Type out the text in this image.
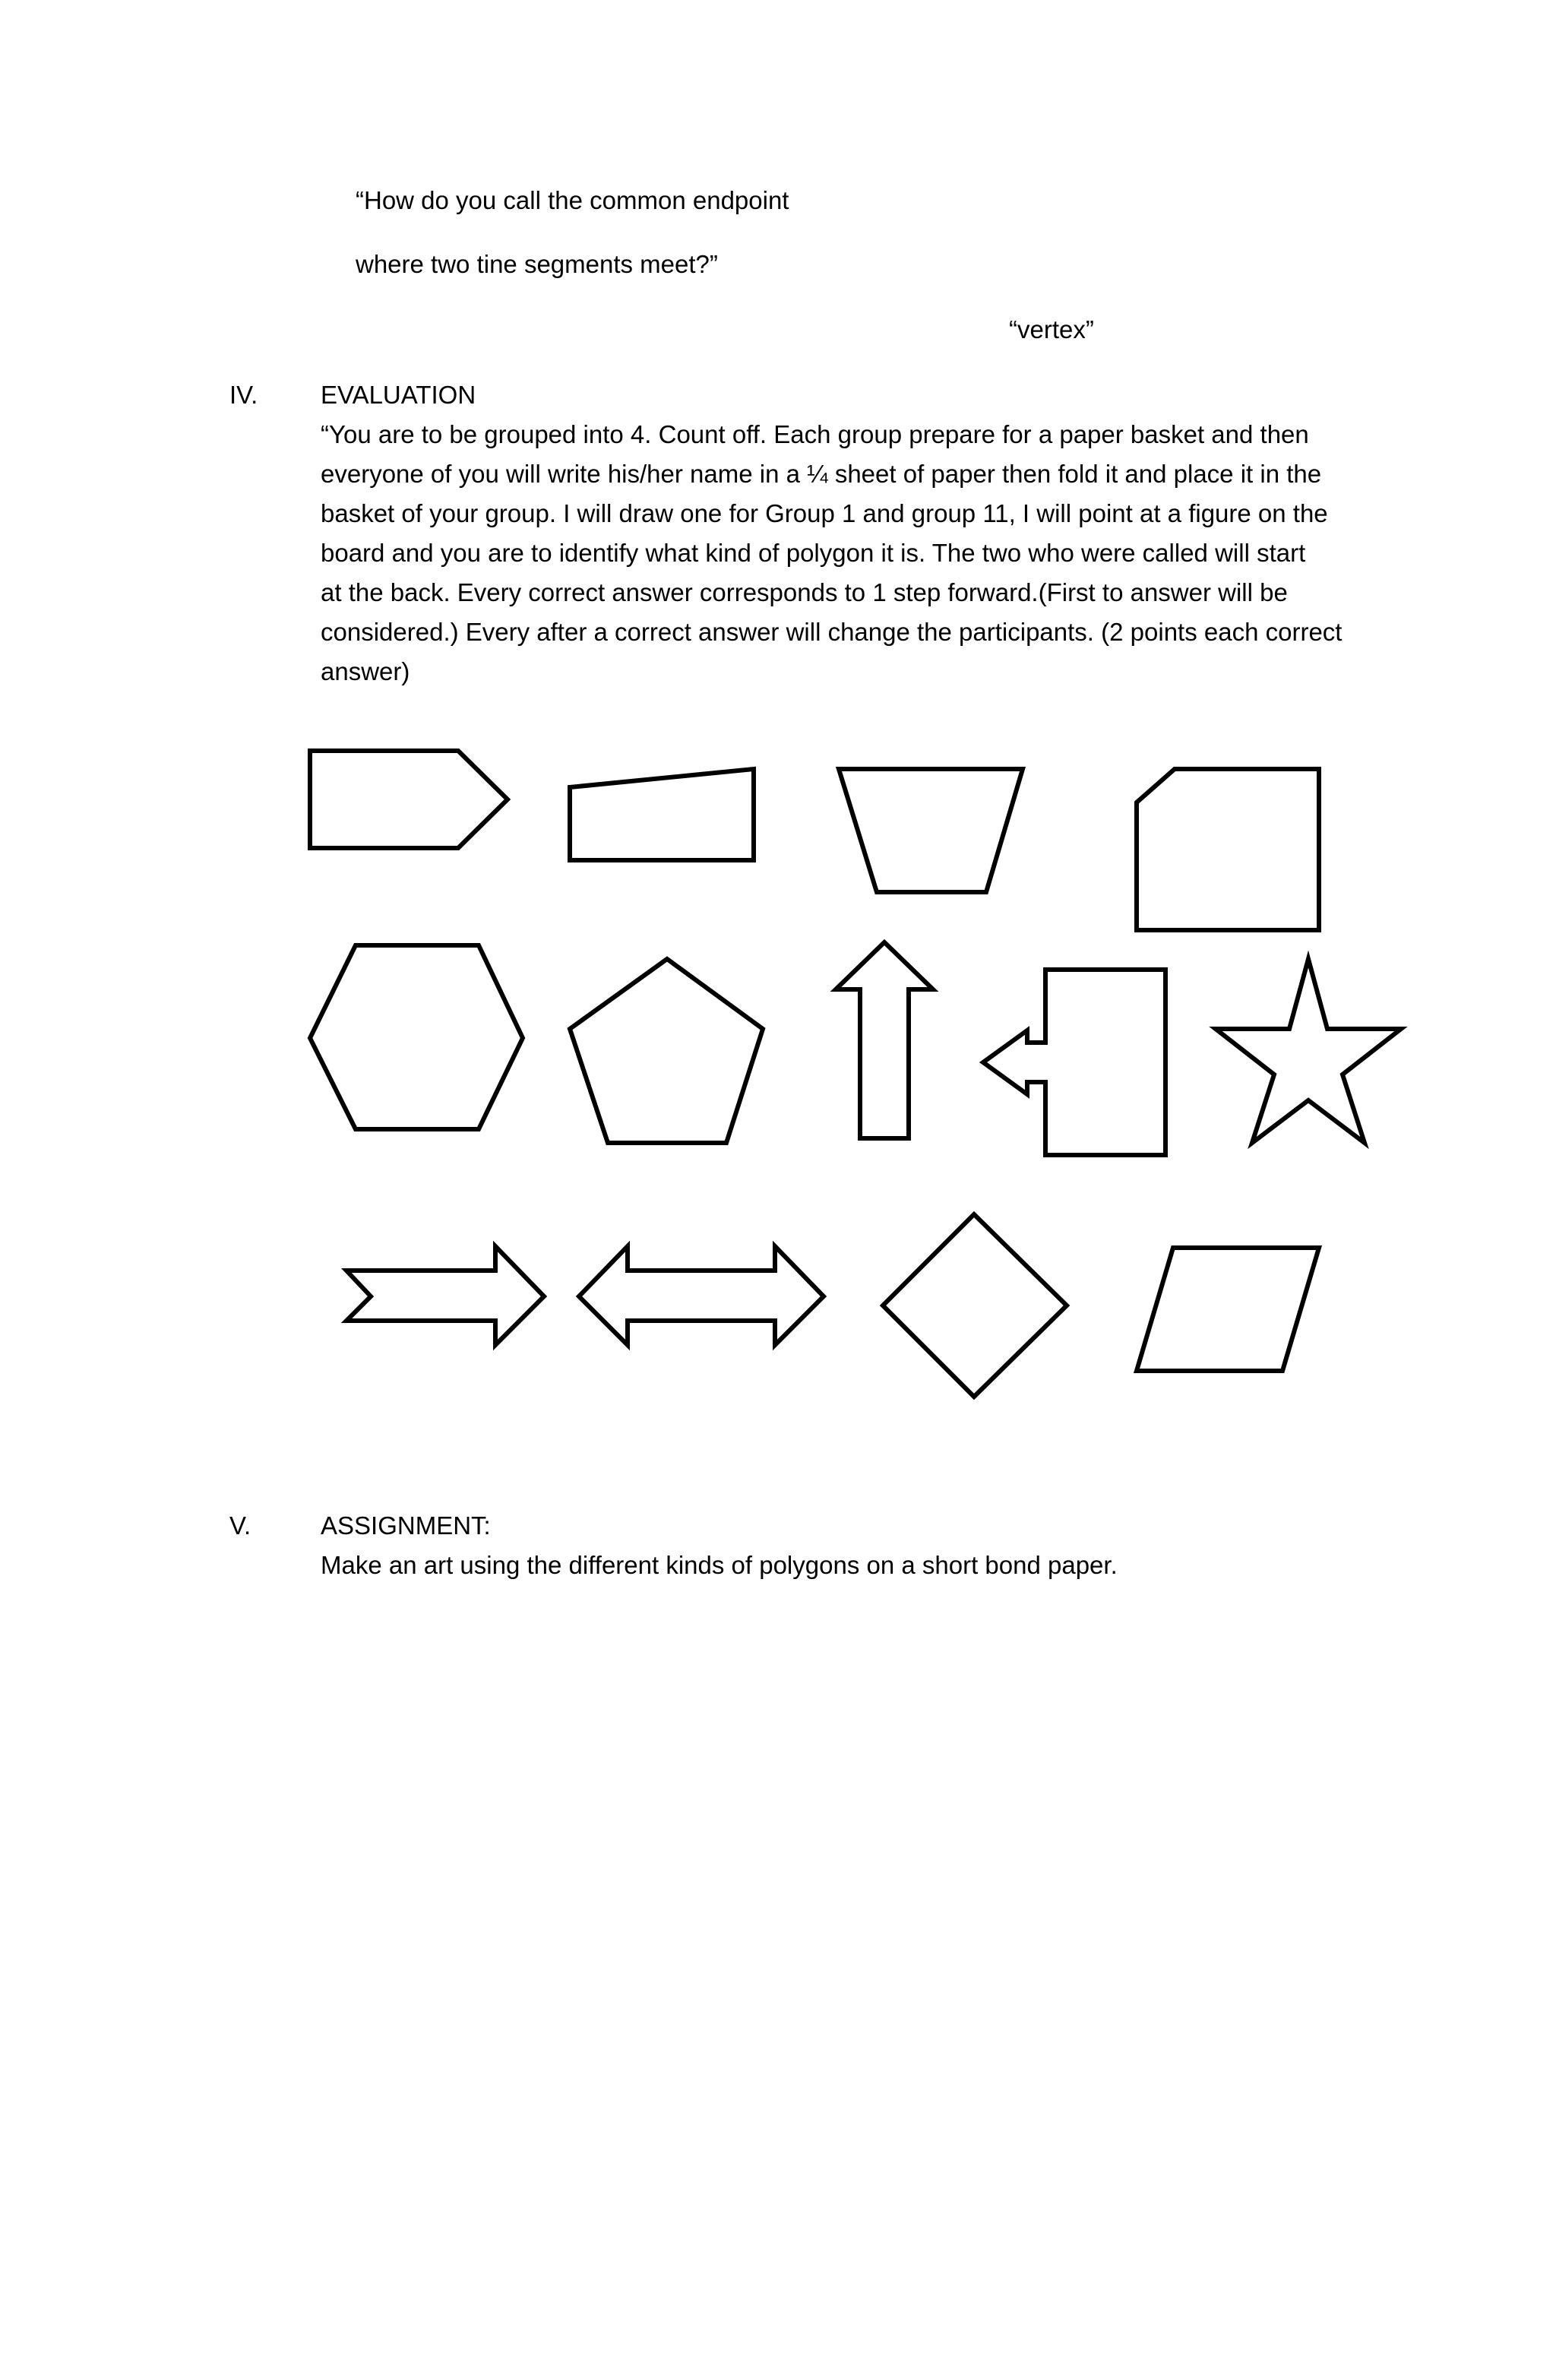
“How do you call the common endpoint
where two tine segments meet?”
“vertex”
IV.	EVALUATION
“You are to be grouped into 4. Count off. Each group prepare for a paper basket and then
everyone of you will write his/her name in a ¼ sheet of paper then fold it and place it in the
basket of your group. I will draw one for Group 1 and group 11, I will point at a figure on the
board and you are to identify what kind of polygon it is. The two who were called will start
at the back. Every correct answer corresponds to 1 step forward.(First to answer will be
considered.) Every after a correct answer will change the participants. (2 points each correct
answer)
V.	ASSIGNMENT:
Make an art using the different kinds of polygons on a short bond paper.
